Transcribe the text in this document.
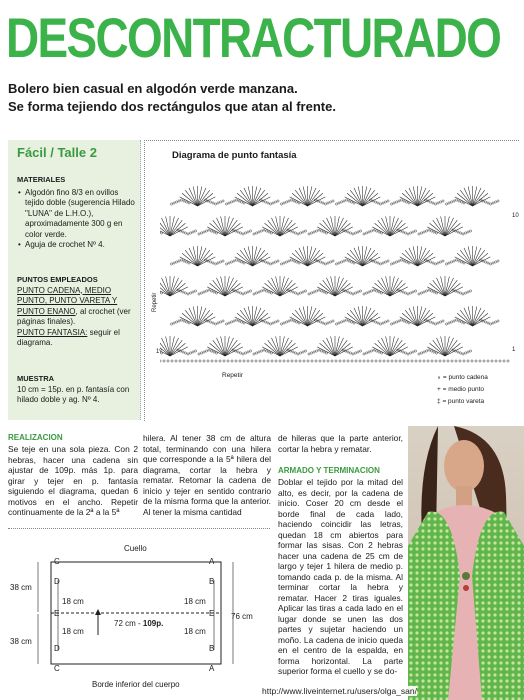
DESCONTRACTURADO
Bolero bien casual en algodón verde manzana.
Se forma tejiendo dos rectángulos que atan al frente.
Fácil / Talle 2
MATERIALES
• Algodón fino 8/3 en ovillos tejido doble (sugerencia Hilado "LUNA" de L.H.O.), aproximadamente 300 g en color verde.
• Aguja de crochet Nº 4.
PUNTOS EMPLEADOS
PUNTO CADENA, MEDIO PUNTO, PUNTO VARETA Y PUNTO ENANO, al crochet (ver páginas finales).
PUNTO FANTASIA: seguir el diagrama.
MUESTRA
10 cm = 15p. en p. fantasía con hilado doble y ag. Nº 4.
Diagrama de punto fantasía
Repetir
1º
10
1
Repetir	∘ = punto cadena
+ = medio punto
‡ = punto vareta
REALIZACION
Se teje en una sola pieza. Con 2 hebras, hacer una cadena sin ajustar de 109p. más 1p. para girar y tejer en p. fantasía siguiendo el diagrama, quedan 6 motivos en el ancho. Repetir continuamente de la 2ª a la 5ª
hilera. Al tener 38 cm de altura total, terminando con una hilera que corresponde a la 5ª hilera del diagrama, cortar la hebra y rematar. Retomar la cadena de inicio y tejer en sentido contrario de la misma forma que la anterior. Al tener la misma cantidad
de hileras que la parte anterior, cortar la hebra y rematar.
ARMADO Y TERMINACION
Doblar el tejido por la mitad del alto, es decir, por la cadena de inicio. Coser 20 cm desde el borde final de cada lado, haciendo coincidir las letras, quedan 18 cm abiertos para formar las sisas. Con 2 hebras hacer una cadena de 25 cm de largo y tejer 1 hilera de medio p. tomando cada p. de la misma. Al terminar cortar la hebra y rematar. Hacer 2 tiras iguales. Aplicar las tiras a cada lado en el lugar donde se unen las dos partes y sujetar haciendo un moño. La cadena de inicio queda en el centro de la espalda, en forma horizontal. La parte superior forma el cuello y se do-
Cuello
Borde inferior del cuerpo
72 cm - 109p.
38 cm
38 cm
76 cm
18 cm
18 cm
18 cm
18 cm
C
D
E
D
C
A
B
E
B
A
http://www.liveinternet.ru/users/olga_san/
